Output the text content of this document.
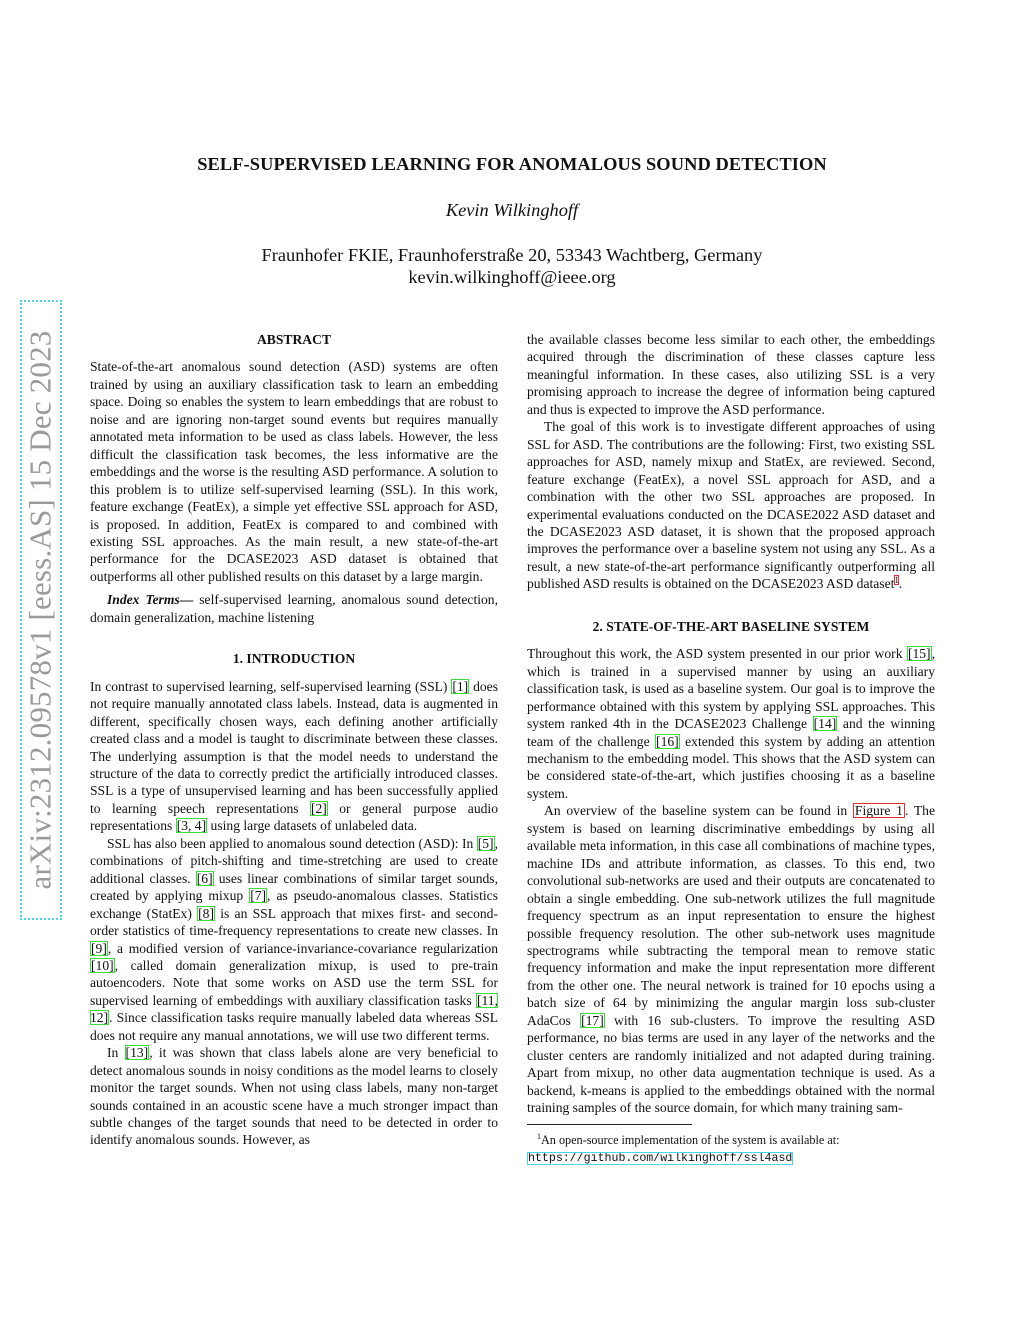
arXiv:2312.09578v1 [eess.AS] 15 Dec 2023
SELF-SUPERVISED LEARNING FOR ANOMALOUS SOUND DETECTION
Kevin Wilkinghoff
Fraunhofer FKIE, Fraunhoferstraße 20, 53343 Wachtberg, Germany
kevin.wilkinghoff@ieee.org
ABSTRACT

State-of-the-art anomalous sound detection (ASD) systems are often trained by using an auxiliary classification task to learn an embedding space. Doing so enables the system to learn embeddings that are robust to noise and are ignoring non-target sound events but requires manually annotated meta information to be used as class labels. However, the less difficult the classification task becomes, the less informative are the embeddings and the worse is the resulting ASD performance. A solution to this problem is to utilize self-supervised learning (SSL). In this work, feature exchange (FeatEx), a simple yet effective SSL approach for ASD, is proposed. In addition, FeatEx is compared to and combined with existing SSL approaches. As the main result, a new state-of-the-art performance for the DCASE2023 ASD dataset is obtained that outperforms all other published results on this dataset by a large margin.

Index Terms— self-supervised learning, anomalous sound detection, domain generalization, machine listening

1. INTRODUCTION

In contrast to supervised learning, self-supervised learning (SSL) [1] does not require manually annotated class labels. Instead, data is augmented in different, specifically chosen ways, each defining another artificially created class and a model is taught to discriminate between these classes. The underlying assumption is that the model needs to understand the structure of the data to correctly predict the artificially introduced classes. SSL is a type of unsupervised learning and has been successfully applied to learning speech representations [2] or general purpose audio representations [3, 4] using large datasets of unlabeled data.

SSL has also been applied to anomalous sound detection (ASD): In [5], combinations of pitch-shifting and time-stretching are used to create additional classes. [6] uses linear combinations of similar target sounds, created by applying mixup [7], as pseudo-anomalous classes. Statistics exchange (StatEx) [8] is an SSL approach that mixes first- and second-order statistics of time-frequency representations to create new classes. In [9], a modified version of variance-invariance-covariance regularization [10], called domain generalization mixup, is used to pre-train autoencoders. Note that some works on ASD use the term SSL for supervised learning of embeddings with auxiliary classification tasks [11, 12]. Since classification tasks require manually labeled data whereas SSL does not require any manual annotations, we will use two different terms.

In [13], it was shown that class labels alone are very beneficial to detect anomalous sounds in noisy conditions as the model learns to closely monitor the target sounds. When not using class labels, many non-target sounds contained in an acoustic scene have a much stronger impact than subtle changes of the target sounds that need to be detected in order to identify anomalous sounds. However, as

the available classes become less similar to each other, the embeddings acquired through the discrimination of these classes capture less meaningful information. In these cases, also utilizing SSL is a very promising approach to increase the degree of information being captured and thus is expected to improve the ASD performance.

The goal of this work is to investigate different approaches of using SSL for ASD. The contributions are the following: First, two existing SSL approaches for ASD, namely mixup and StatEx, are reviewed. Second, feature exchange (FeatEx), a novel SSL approach for ASD, and a combination with the other two SSL approaches are proposed. In experimental evaluations conducted on the DCASE2022 ASD dataset and the DCASE2023 ASD dataset, it is shown that the proposed approach improves the performance over a baseline system not using any SSL. As a result, a new state-of-the-art performance significantly outperforming all published ASD results is obtained on the DCASE2023 ASD dataset$^1$.

2. STATE-OF-THE-ART BASELINE SYSTEM

Throughout this work, the ASD system presented in our prior work [15], which is trained in a supervised manner by using an auxiliary classification task, is used as a baseline system. Our goal is to improve the performance obtained with this system by applying SSL approaches. This system ranked 4th in the DCASE2023 Challenge [14] and the winning team of the challenge [16] extended this system by adding an attention mechanism to the embedding model. This shows that the ASD system can be considered state-of-the-art, which justifies choosing it as a baseline system.

An overview of the baseline system can be found in Figure 1 . The system is based on learning discriminative embeddings by using all available meta information, in this case all combinations of machine types, machine IDs and attribute information, as classes. To this end, two convolutional sub-networks are used and their outputs are concatenated to obtain a single embedding. One sub-network utilizes the full magnitude frequency spectrum as an input representation to ensure the highest possible frequency resolution. The other sub-network uses magnitude spectrograms while subtracting the temporal mean to remove static frequency information and make the input representation more different from the other one. The neural network is trained for 10 epochs using a batch size of 64 by minimizing the angular margin loss sub-cluster AdaCos [17] with 16 sub-clusters. To improve the resulting ASD performance, no bias terms are used in any layer of the networks and the cluster centers are randomly initialized and not adapted during training. Apart from mixup, no other data augmentation technique is used. As a backend, k-means is applied to the embeddings obtained with the normal training samples of the source domain, for which many training sam-

$^1$An open-source implementation of the system is available at:

https://github.com/wilkinghoff/ssl4asd
